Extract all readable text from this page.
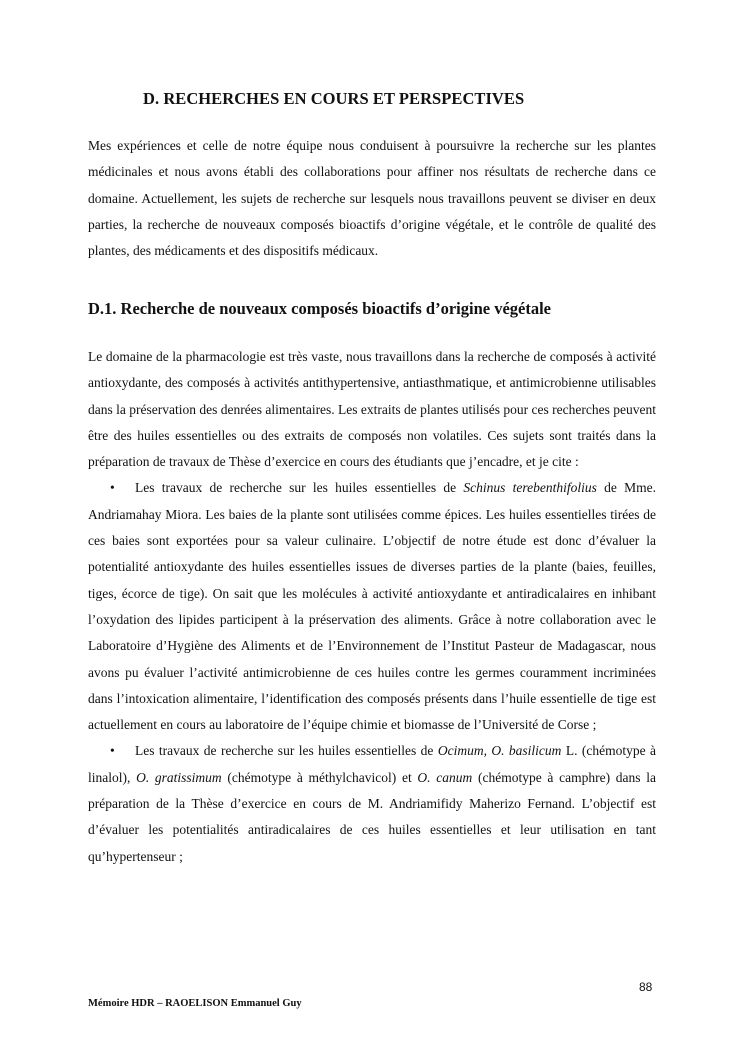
D. RECHERCHES EN COURS ET PERSPECTIVES

Mes expériences et celle de notre équipe nous conduisent à poursuivre la recherche sur les plantes médicinales et nous avons établi des collaborations pour affiner nos résultats de recherche dans ce domaine. Actuellement, les sujets de recherche sur lesquels nous travaillons peuvent se diviser en deux parties, la recherche de nouveaux composés bioactifs d’origine végétale, et le contrôle de qualité des plantes, des médicaments et des dispositifs médicaux.

D.1. Recherche de nouveaux composés bioactifs d’origine végétale
Le domaine de la pharmacologie est très vaste, nous travaillons dans la recherche de composés à activité antioxydante, des composés à activités antithypertensive, antiasthmatique, et antimicrobienne utilisables dans la préservation des denrées alimentaires. Les extraits de plantes utilisés pour ces recherches peuvent être des huiles essentielles ou des extraits de composés non volatiles. Ces sujets sont traités dans la préparation de travaux de Thèse d’exercice en cours des étudiants que j’encadre, et je cite :
• Les travaux de recherche sur les huiles essentielles de Schinus terebenthifolius de Mme. Andriamahay Miora. Les baies de la plante sont utilisées comme épices. Les huiles essentielles tirées de ces baies sont exportées pour sa valeur culinaire. L’objectif de notre étude est donc d’évaluer la potentialité antioxydante des huiles essentielles issues de diverses parties de la plante (baies, feuilles, tiges, écorce de tige). On sait que les molécules à activité antioxydante et antiradicalaires en inhibant l’oxydation des lipides participent à la préservation des aliments. Grâce à notre collaboration avec le Laboratoire d’Hygiène des Aliments et de l’Environnement de l’Institut Pasteur de Madagascar, nous avons pu évaluer l’activité antimicrobienne de ces huiles contre les germes couramment incriminées dans l’intoxication alimentaire, l’identification des composés présents dans l’huile essentielle de tige est actuellement en cours au laboratoire de l’équipe chimie et biomasse de l’Université de Corse ;
• Les travaux de recherche sur les huiles essentielles de Ocimum, O. basilicum L. (chémotype à linalol), O. gratissimum (chémotype à méthylchavicol) et O. canum (chémotype à camphre) dans la préparation de la Thèse d’exercice en cours de M. Andriamifidy Maherizo Fernand. L’objectif est d’évaluer les potentialités antiradicalaires de ces huiles essentielles et leur utilisation en tant qu’hypertenseur ;
88
Mémoire HDR – RAOELISON Emmanuel Guy
